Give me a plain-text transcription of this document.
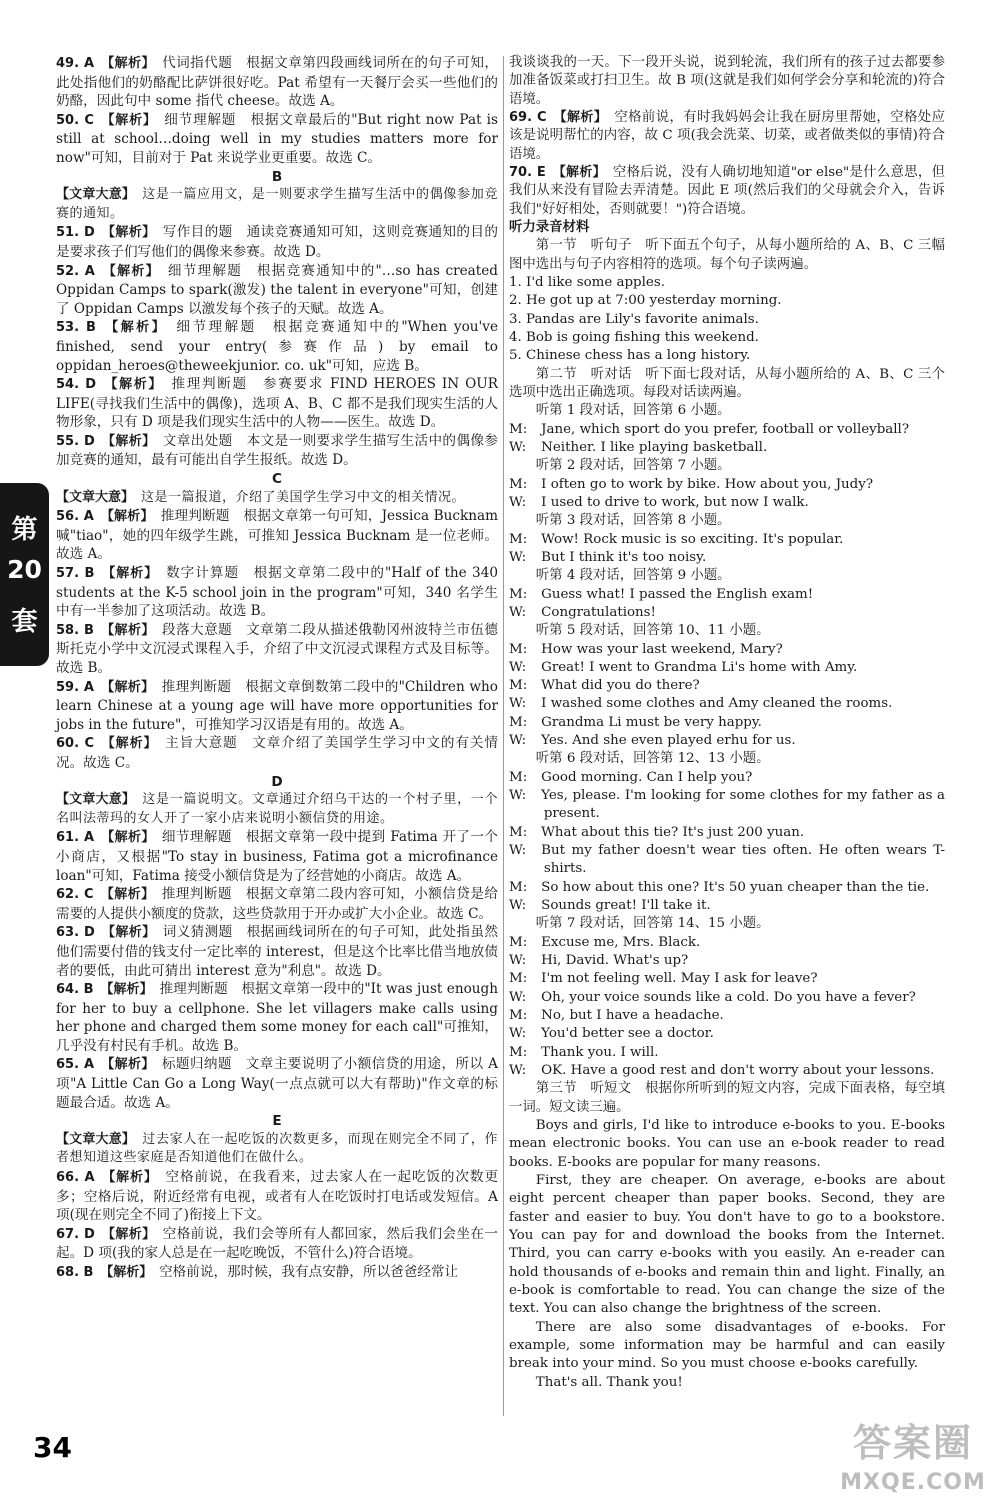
49. A  【解析】  代词指代题　根据文章第四段画线词所在的句子可知，此处指他们的奶酪配比萨饼很好吃。Pat 希望有一天餐厅会买一些他们的奶酪，因此句中 some 指代 cheese。故选 A。

50. C  【解析】  细节理解题　根据文章最后的"But right now Pat is still at school…doing well in my studies matters more for now"可知，目前对于 Pat 来说学业更重要。故选 C。

B

【文章大意】  这是一篇应用文，是一则要求学生描写生活中的偶像参加竞赛的通知。

51. D  【解析】  写作目的题　通读竞赛通知可知，这则竞赛通知的目的是要求孩子们写他们的偶像来参赛。故选 D。

52. A  【解析】  细节理解题　根据竞赛通知中的"…so has created Oppidan Camps to spark(激发) the talent in everyone"可知，创建了 Oppidan Camps 以激发每个孩子的天赋。故选 A。

53. B  【解析】  细节理解题　根据竞赛通知中的"When you've finished, send your entry(参赛作品) by email to oppidan_heroes@theweekjunior. co. uk"可知，应选 B。

54. D  【解析】  推理判断题　参赛要求 FIND HEROES IN OUR LIFE(寻找我们生活中的偶像)，选项 A、B、C 都不是我们现实生活的人物形象，只有 D 项是我们现实生活中的人物——医生。故选 D。

55. D  【解析】  文章出处题　本文是一则要求学生描写生活中的偶像参加竞赛的通知，最有可能出自学生报纸。故选 D。

C

【文章大意】  这是一篇报道，介绍了美国学生学习中文的相关情况。

56. A  【解析】  推理判断题　根据文章第一句可知，Jessica Bucknam 喊"tiao"，她的四年级学生跳，可推知 Jessica Bucknam 是一位老师。故选 A。

57. B  【解析】  数字计算题　根据文章第二段中的"Half of the 340 students at the K-5 school join in the program"可知，340 名学生中有一半参加了这项活动。故选 B。

58. B  【解析】  段落大意题　文章第二段从描述俄勒冈州波特兰市伍德斯托克小学中文沉浸式课程入手，介绍了中文沉浸式课程方式及目标等。故选 B。

59. A  【解析】  推理判断题　根据文章倒数第二段中的"Children who learn Chinese at a young age will have more opportunities for jobs in the future"，可推知学习汉语是有用的。故选 A。

60. C  【解析】  主旨大意题　文章介绍了美国学生学习中文的有关情况。故选 C。

D

【文章大意】  这是一篇说明文。文章通过介绍乌干达的一个村子里，一个名叫法蒂玛的女人开了一家小店来说明小额信贷的用途。

61. A  【解析】  细节理解题　根据文章第一段中提到 Fatima 开了一个小商店，又根据"To stay in business, Fatima got a microfinance loan"可知，Fatima 接受小额信贷是为了经营她的小商店。故选 A。

62. C  【解析】  推理判断题　根据文章第二段内容可知，小额信贷是给需要的人提供小额度的贷款，这些贷款用于开办或扩大小企业。故选 C。

63. D  【解析】  词义猜测题　根据画线词所在的句子可知，此处指虽然他们需要付借的钱支付一定比率的 interest，但是这个比率比借当地放债者的要低，由此可猜出 interest 意为"利息"。故选 D。

64. B  【解析】  推理判断题　根据文章第一段中的"It was just enough for her to buy a cellphone. She let villagers make calls using her phone and charged them some money for each call"可推知，几乎没有村民有手机。故选 B。

65. A  【解析】  标题归纳题　文章主要说明了小额信贷的用途，所以 A 项"A Little Can Go a Long Way(一点点就可以大有帮助)"作文章的标题最合适。故选 A。

E

【文章大意】  过去家人在一起吃饭的次数更多，而现在则完全不同了，作者想知道这些家庭是否知道他们在做什么。

66. A  【解析】  空格前说，在我看来，过去家人在一起吃饭的次数更多；空格后说，附近经常有电视，或者有人在吃饭时打电话或发短信。A 项(现在则完全不同了)衔接上下文。

67. D  【解析】  空格前说，我们会等所有人都回家，然后我们会坐在一起。D 项(我的家人总是在一起吃晚饭，不管什么)符合语境。

68. B  【解析】  空格前说，那时候，我有点安静，所以爸爸经常让

我谈谈我的一天。下一段开头说，说到轮流，我们所有的孩子过去都要参加准备饭菜或打扫卫生。故 B 项(这就是我们如何学会分享和轮流的)符合语境。

69. C  【解析】  空格前说，有时我妈妈会让我在厨房里帮她，空格处应该是说明帮忙的内容，故 C 项(我会洗菜、切菜，或者做类似的事情)符合语境。

70. E  【解析】  空格后说，没有人确切地知道"or else"是什么意思，但我们从来没有冒险去弄清楚。因此 E 项(然后我们的父母就会介入，告诉我们"好好相处，否则就要！")符合语境。

听力录音材料

第一节　听句子　听下面五个句子，从每小题所给的 A、B、C 三幅图中选出与句子内容相符的选项。每个句子读两遍。

1. I'd like some apples.

2. He got up at 7:00 yesterday morning.

3. Pandas are Lily's favorite animals.

4. Bob is going fishing this weekend.

5. Chinese chess has a long history.

第二节　听对话　听下面七段对话，从每小题所给的 A、B、C 三个选项中选出正确选项。每段对话读两遍。

听第 1 段对话，回答第 6 小题。

M: Jane, which sport do you prefer, football or volleyball?

W: Neither. I like playing basketball.

听第 2 段对话，回答第 7 小题。

M: I often go to work by bike. How about you, Judy?

W: I used to drive to work, but now I walk.

听第 3 段对话，回答第 8 小题。

M: Wow! Rock music is so exciting. It's popular.

W: But I think it's too noisy.

听第 4 段对话，回答第 9 小题。

M: Guess what! I passed the English exam!

W: Congratulations!

听第 5 段对话，回答第 10、11 小题。

M: How was your last weekend, Mary?

W: Great! I went to Grandma Li's home with Amy.

M: What did you do there?

W: I washed some clothes and Amy cleaned the rooms.

M: Grandma Li must be very happy.

W: Yes. And she even played erhu for us.

听第 6 段对话，回答第 12、13 小题。

M: Good morning. Can I help you?

W: Yes, please. I'm looking for some clothes for my father as a present.

M: What about this tie? It's just 200 yuan.

W: But my father doesn't wear ties often. He often wears T-shirts.

M: So how about this one? It's 50 yuan cheaper than the tie.

W: Sounds great! I'll take it.

听第 7 段对话，回答第 14、15 小题。

M: Excuse me, Mrs. Black.

W: Hi, David. What's up?

M: I'm not feeling well. May I ask for leave?

W: Oh, your voice sounds like a cold. Do you have a fever?

M: No, but I have a headache.

W: You'd better see a doctor.

M: Thank you. I will.

W: OK. Have a good rest and don't worry about your lessons.

第三节　听短文　根据你所听到的短文内容，完成下面表格，每空填一词。短文读三遍。

Boys and girls, I'd like to introduce e-books to you. E-books mean electronic books. You can use an e-book reader to read books. E-books are popular for many reasons.

First, they are cheaper. On average, e-books are about eight percent cheaper than paper books. Second, they are faster and easier to buy. You don't have to go to a bookstore. You can pay for and download the books from the Internet. Third, you can carry e-books with you easily. An e-reader can hold thousands of e-books and remain thin and light. Finally, an e-book is comfortable to read. You can change the size of the text. You can also change the brightness of the screen.

There are also some disadvantages of e-books. For example, some information may be harmful and can easily break into your mind. So you must choose e-books carefully.

That's all. Thank you!

第
20
套
34	答案圈
MXQE.COM
